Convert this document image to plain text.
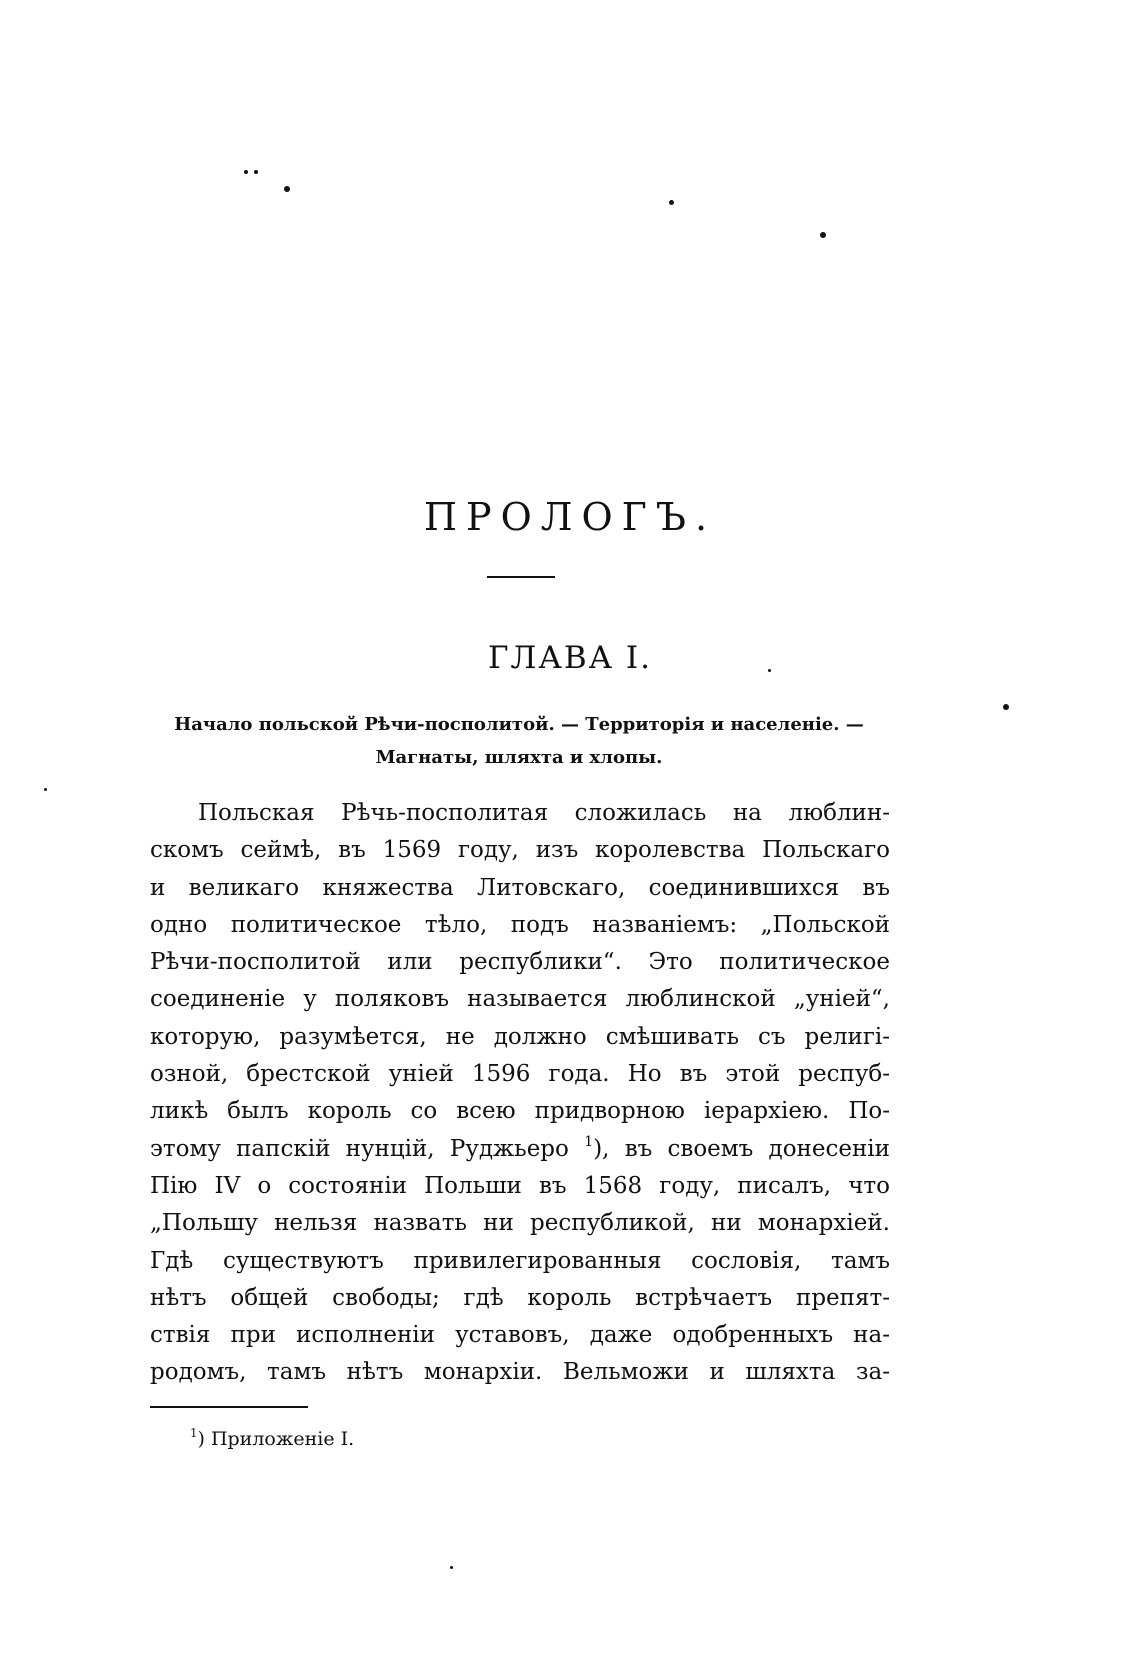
ПРОЛОГЪ.
ГЛАВА I.
Начало польской Рѣчи-посполитой. — Территорія и населеніе. —
Магнаты, шляхта и хлопы.
Польская Рѣчь-посполитая сложилась на люблин-
скомъ сеймѣ, въ 1569 году, изъ королевства Польскаго
и великаго княжества Литовскаго, соединившихся въ
одно политическое тѣло, подъ названіемъ: „Польской
Рѣчи-посполитой или республики“. Это политическое
соединеніе у поляковъ называется люблинской „уніей“,
которую, разумѣется, не должно смѣшивать съ религі-
озной, брестской уніей 1596 года. Но въ этой респуб-
ликѣ былъ король со всею придворною іерархіею. По-
этому папскій нунцій, Руджьеро $^1$), въ своемъ донесеніи
Пію IV о состояніи Польши въ 1568 году, писалъ, что
„Польшу нельзя назвать ни республикой, ни монархіей.
Гдѣ существуютъ привилегированныя сословія, тамъ
нѣтъ общей свободы; гдѣ король встрѣчаетъ препят-
ствія при исполненіи уставовъ, даже одобренныхъ на-
родомъ, тамъ нѣтъ монархіи. Вельможи и шляхта за-
$^1$) Приложеніе I.
